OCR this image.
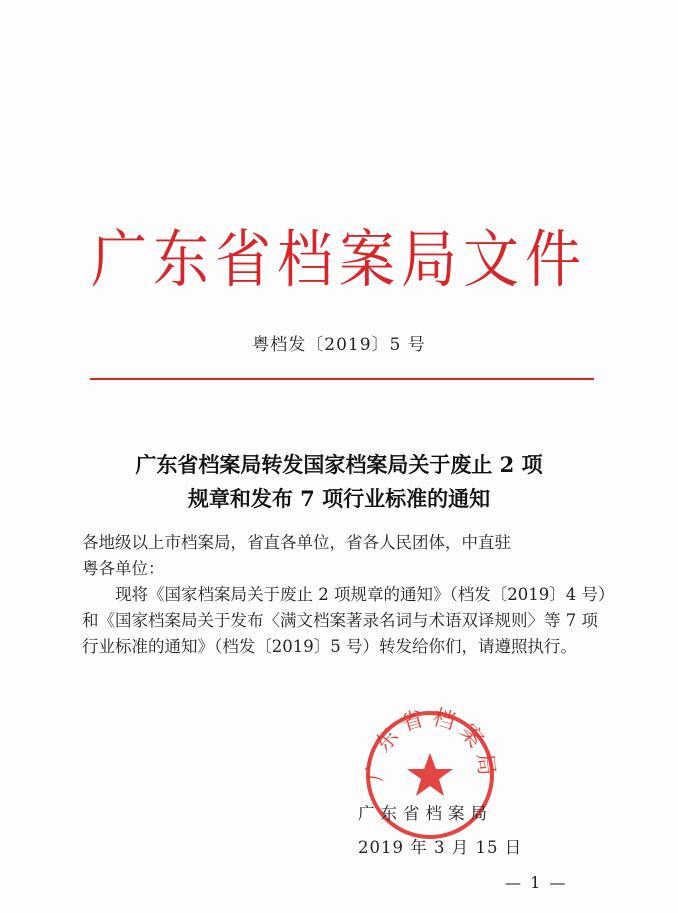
广东省档案局文件
粤档发〔2019〕5 号
广东省档案局转发国家档案局关于废止 2 项
规章和发布 7 项行业标准的通知

各地级以上市档案局，省直各单位，省各人民团体，中直驻

粤各单位：

现将《国家档案局关于废止 2 项规章的通知》（档发〔2019〕4 号）和《国家档案局关于发布〈满文档案著录名词与术语双译规则〉等 7 项行业标准的通知》（档发〔2019〕5 号）转发给你们，请遵照执行。

广东省档案局
广东省档案局
2019 年 3 月 15 日
— 1 —
